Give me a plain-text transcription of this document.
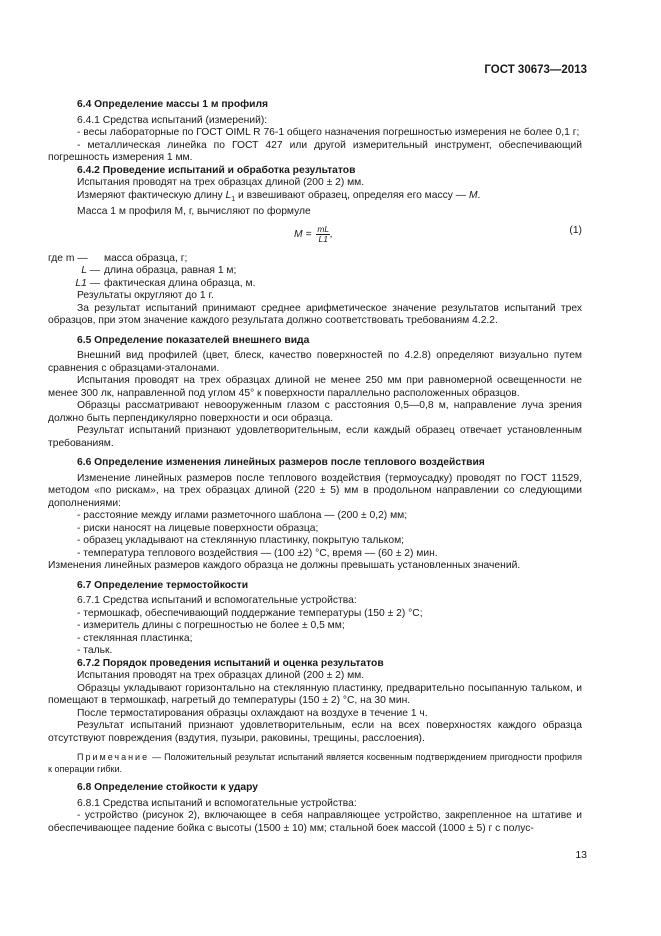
ГОСТ 30673—2013

6.4 Определение массы 1 м профиля

6.4.1 Средства испытаний (измерений):

- весы лабораторные по ГОСТ OIML R 76-1 общего назначения погрешностью измерения не более 0,1 г;

- металлическая линейка по ГОСТ 427 или другой измерительный инструмент, обеспечивающий погрешность измерения 1 мм.

6.4.2 Проведение испытаний и обработка результатов

Испытания проводят на трех образцах длиной (200 ± 2) мм.

Измеряют фактическую длину $L_1$ и взвешивают образец, определяя его массу — M.

Масса 1 м профиля M, г, вычисляют по формуле

$M = \frac{mL}{L1}$ ,	(1)
где m —	масса образца, г;
L — длина образца, равная 1 м;
L1 — фактическая длина образца, м.

Результаты округляют до 1 г.

За результат испытаний принимают среднее арифметическое значение результатов испытаний трех образцов, при этом значение каждого результата должно соответствовать требованиям 4.2.2.

6.5 Определение показателей внешнего вида

Внешний вид профилей (цвет, блеск, качество поверхностей по 4.2.8) определяют визуально путем сравнения с образцами-эталонами.

Испытания проводят на трех образцах длиной не менее 250 мм при равномерной освещенности не менее 300 лк, направленной под углом 45° к поверхности параллельно расположенных образцов.

Образцы рассматривают невооруженным глазом с расстояния 0,5—0,8 м, направление луча зрения должно быть перпендикулярно поверхности и оси образца.

Результат испытаний признают удовлетворительным, если каждый образец отвечает установленным требованиям.

6.6 Определение изменения линейных размеров после теплового воздействия

Изменение линейных размеров после теплового воздействия (термоусадку) проводят по ГОСТ 11529, методом «по рискам», на трех образцах длиной (220 ± 5) мм в продольном направлении со следующими дополнениями:

- расстояние между иглами разметочного шаблона — (200 ± 0,2) мм;

- риски наносят на лицевые поверхности образца;

- образец укладывают на стеклянную пластинку, покрытую тальком;

- температура теплового воздействия — (100 ±2) °C, время — (60 ± 2) мин.

Изменения линейных размеров каждого образца не должны превышать установленных значений.

6.7 Определение термостойкости

6.7.1 Средства испытаний и вспомогательные устройства:

- термошкаф, обеспечивающий поддержание температуры (150 ± 2) °C;

- измеритель длины с погрешностью не более ± 0,5 мм;

- стеклянная пластинка;

- тальк.

6.7.2 Порядок проведения испытаний и оценка результатов

Испытания проводят на трех образцах длиной (200 ± 2) мм.

Образцы укладывают горизонтально на стеклянную пластинку, предварительно посыпанную тальком, и помещают в термошкаф, нагретый до температуры (150 ± 2) °C, на 30 мин.

После термостатирования образцы охлаждают на воздухе в течение 1 ч.

Результат испытаний признают удовлетворительным, если на всех поверхностях каждого образца отсутствуют повреждения (вздутия, пузыри, раковины, трещины, расслоения).

Примечание — Положительный результат испытаний является косвенным подтверждением пригодности профиля к операции гибки.

6.8 Определение стойкости к удару

6.8.1 Средства испытаний и вспомогательные устройства:

- устройство (рисунок 2), включающее в себя направляющее устройство, закрепленное на штативе и обеспечивающее падение бойка с высоты (1500 ± 10) мм; стальной боек массой (1000 ± 5) г с полус-

13
